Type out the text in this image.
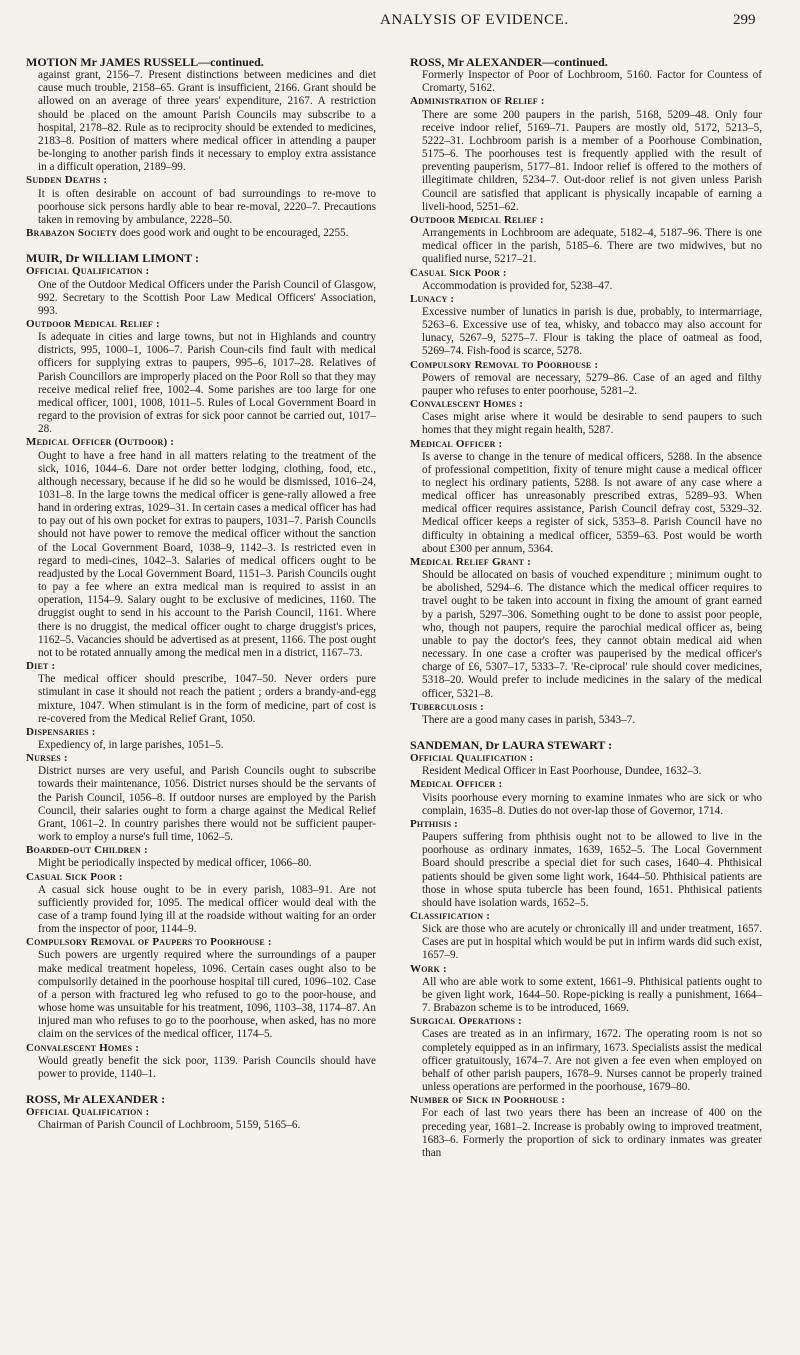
ANALYSIS OF EVIDENCE.	299

MOTION Mr JAMES RUSSELL—continued.

against grant, 2156–7. Present distinctions between medicines and diet cause much trouble, 2158–65. Grant is insufficient, 2166. Grant should be allowed on an average of three years' expenditure, 2167. A restriction should be placed on the amount Parish Councils may subscribe to a hospital, 2178–82. Rule as to reciprocity should be extended to medicines, 2183–8. Position of matters where medical officer in attending a pauper be-longing to another parish finds it necessary to employ extra assistance in a difficult operation, 2189–99.

Sudden Deaths :

It is often desirable on account of bad surroundings to re-move to poorhouse sick persons hardly able to bear re-moval, 2220–7. Precautions taken in removing by ambulance, 2228–50.

Brabazon Society does good work and ought to be encouraged, 2255.

MUIR, Dr WILLIAM LIMONT :

Official Qualification :

One of the Outdoor Medical Officers under the Parish Council of Glasgow, 992. Secretary to the Scottish Poor Law Medical Officers' Association, 993.

Outdoor Medical Relief :

Is adequate in cities and large towns, but not in Highlands and country districts, 995, 1000–1, 1006–7. Parish Coun-cils find fault with medical officers for supplying extras to paupers, 995–6, 1017–28. Relatives of Parish Councillors are improperly placed on the Poor Roll so that they may receive medical relief free, 1002–4. Some parishes are too large for one medical officer, 1001, 1008, 1011–5. Rules of Local Government Board in regard to the provision of extras for sick poor cannot be carried out, 1017–28.

Medical Officer (Outdoor) :

Ought to have a free hand in all matters relating to the treatment of the sick, 1016, 1044–6. Dare not order better lodging, clothing, food, etc., although necessary, because if he did so he would be dismissed, 1016–24, 1031–8. In the large towns the medical officer is gene-rally allowed a free hand in ordering extras, 1029–31. In certain cases a medical officer has had to pay out of his own pocket for extras to paupers, 1031–7. Parish Councils should not have power to remove the medical officer without the sanction of the Local Government Board, 1038–9, 1142–3. Is restricted even in regard to medi-cines, 1042–3. Salaries of medical officers ought to be readjusted by the Local Government Board, 1151–3. Parish Councils ought to pay a fee where an extra medical man is required to assist in an operation, 1154–9. Salary ought to be exclusive of medicines, 1160. The druggist ought to send in his account to the Parish Council, 1161. Where there is no druggist, the medical officer ought to charge druggist's prices, 1162–5. Vacancies should be advertised as at present, 1166. The post ought not to be rotated annually among the medical men in a district, 1167–73.

Diet :

The medical officer should prescribe, 1047–50. Never orders pure stimulant in case it should not reach the patient ; orders a brandy-and-egg mixture, 1047. When stimulant is in the form of medicine, part of cost is re-covered from the Medical Relief Grant, 1050.

Dispensaries :

Expediency of, in large parishes, 1051–5.

Nurses :

District nurses are very useful, and Parish Councils ought to subscribe towards their maintenance, 1056. District nurses should be the servants of the Parish Council, 1056–8. If outdoor nurses are employed by the Parish Council, their salaries ought to form a charge against the Medical Relief Grant, 1061–2. In country parishes there would not be sufficient pauper-work to employ a nurse's full time, 1062–5.

Boarded-out Children :

Might be periodically inspected by medical officer, 1066–80.

Casual Sick Poor :

A casual sick house ought to be in every parish, 1083–91. Are not sufficiently provided for, 1095. The medical officer would deal with the case of a tramp found lying ill at the roadside without waiting for an order from the inspector of poor, 1144–9.

Compulsory Removal of Paupers to Poorhouse :

Such powers are urgently required where the surroundings of a pauper make medical treatment hopeless, 1096. Certain cases ought also to be compulsorily detained in the poorhouse hospital till cured, 1096–102. Case of a person with fractured leg who refused to go to the poor-house, and whose home was unsuitable for his treatment, 1096, 1103–38, 1174–87. An injured man who refuses to go to the poorhouse, when asked, has no more claim on the services of the medical officer, 1174–5.

Convalescent Homes :

Would greatly benefit the sick poor, 1139. Parish Councils should have power to provide, 1140–1.

ROSS, Mr ALEXANDER :

Official Qualification :

Chairman of Parish Council of Lochbroom, 5159, 5165–6.

ROSS, Mr ALEXANDER—continued.

Formerly Inspector of Poor of Lochbroom, 5160. Factor for Countess of Cromarty, 5162.

Administration of Relief :

There are some 200 paupers in the parish, 5168, 5209–48. Only four receive indoor relief, 5169–71. Paupers are mostly old, 5172, 5213–5, 5222–31. Lochbroom parish is a member of a Poorhouse Combination, 5175–6. The poorhouses test is frequently applied with the result of preventing pauperism, 5177–81. Indoor relief is offered to the mothers of illegitimate children, 5234–7. Out-door relief is not given unless Parish Council are satisfied that applicant is physically incapable of earning a liveli-hood, 5251–62.

Outdoor Medical Relief :

Arrangements in Lochbroom are adequate, 5182–4, 5187–96. There is one medical officer in the parish, 5185–6. There are two midwives, but no qualified nurse, 5217–21.

Casual Sick Poor :

Accommodation is provided for, 5238–47.

Lunacy :

Excessive number of lunatics in parish is due, probably, to intermarriage, 5263–6. Excessive use of tea, whisky, and tobacco may also account for lunacy, 5267–9, 5275–7. Flour is taking the place of oatmeal as food, 5269–74. Fish-food is scarce, 5278.

Compulsory Removal to Poorhouse :

Powers of removal are necessary, 5279–86. Case of an aged and filthy pauper who refuses to enter poorhouse, 5281–2.

Convalescent Homes :

Cases might arise where it would be desirable to send paupers to such homes that they might regain health, 5287.

Medical Officer :

Is averse to change in the tenure of medical officers, 5288. In the absence of professional competition, fixity of tenure might cause a medical officer to neglect his ordinary patients, 5288. Is not aware of any case where a medical officer has unreasonably prescribed extras, 5289–93. When medical officer requires assistance, Parish Council defray cost, 5329–32. Medical officer keeps a register of sick, 5353–8. Parish Council have no difficulty in obtaining a medical officer, 5359–63. Post would be worth about £300 per annum, 5364.

Medical Relief Grant :

Should be allocated on basis of vouched expenditure ; minimum ought to be abolished, 5294–6. The distance which the medical officer requires to travel ought to be taken into account in fixing the amount of grant earned by a parish, 5297–306. Something ought to be done to assist poor people, who, though not paupers, require the parochial medical officer as, being unable to pay the doctor's fees, they cannot obtain medical aid when necessary. In one case a crofter was pauperised by the medical officer's charge of £6, 5307–17, 5333–7. 'Re-ciprocal' rule should cover medicines, 5318–20. Would prefer to include medicines in the salary of the medical officer, 5321–8.

Tuberculosis :

There are a good many cases in parish, 5343–7.

SANDEMAN, Dr LAURA STEWART :

Official Qualification :

Resident Medical Officer in East Poorhouse, Dundee, 1632–3.

Medical Officer :

Visits poorhouse every morning to examine inmates who are sick or who complain, 1635–8. Duties do not over-lap those of Governor, 1714.

Phthisis :

Paupers suffering from phthisis ought not to be allowed to live in the poorhouse as ordinary inmates, 1639, 1652–5. The Local Government Board should prescribe a special diet for such cases, 1640–4. Phthisical patients should be given some light work, 1644–50. Phthisical patients are those in whose sputa tubercle has been found, 1651. Phthisical patients should have isolation wards, 1652–5.

Classification :

Sick are those who are acutely or chronically ill and under treatment, 1657. Cases are put in hospital which would be put in infirm wards did such exist, 1657–9.

Work :

All who are able work to some extent, 1661–9. Phthisical patients ought to be given light work, 1644–50. Rope-picking is really a punishment, 1664–7. Brabazon scheme is to be introduced, 1669.

Surgical Operations :

Cases are treated as in an infirmary, 1672. The operating room is not so completely equipped as in an infirmary, 1673. Specialists assist the medical officer gratuitously, 1674–7. Are not given a fee even when employed on behalf of other parish paupers, 1678–9. Nurses cannot be properly trained unless operations are performed in the poorhouse, 1679–80.

Number of Sick in Poorhouse :

For each of last two years there has been an increase of 400 on the preceding year, 1681–2. Increase is probably owing to improved treatment, 1683–6. Formerly the proportion of sick to ordinary inmates was greater than
